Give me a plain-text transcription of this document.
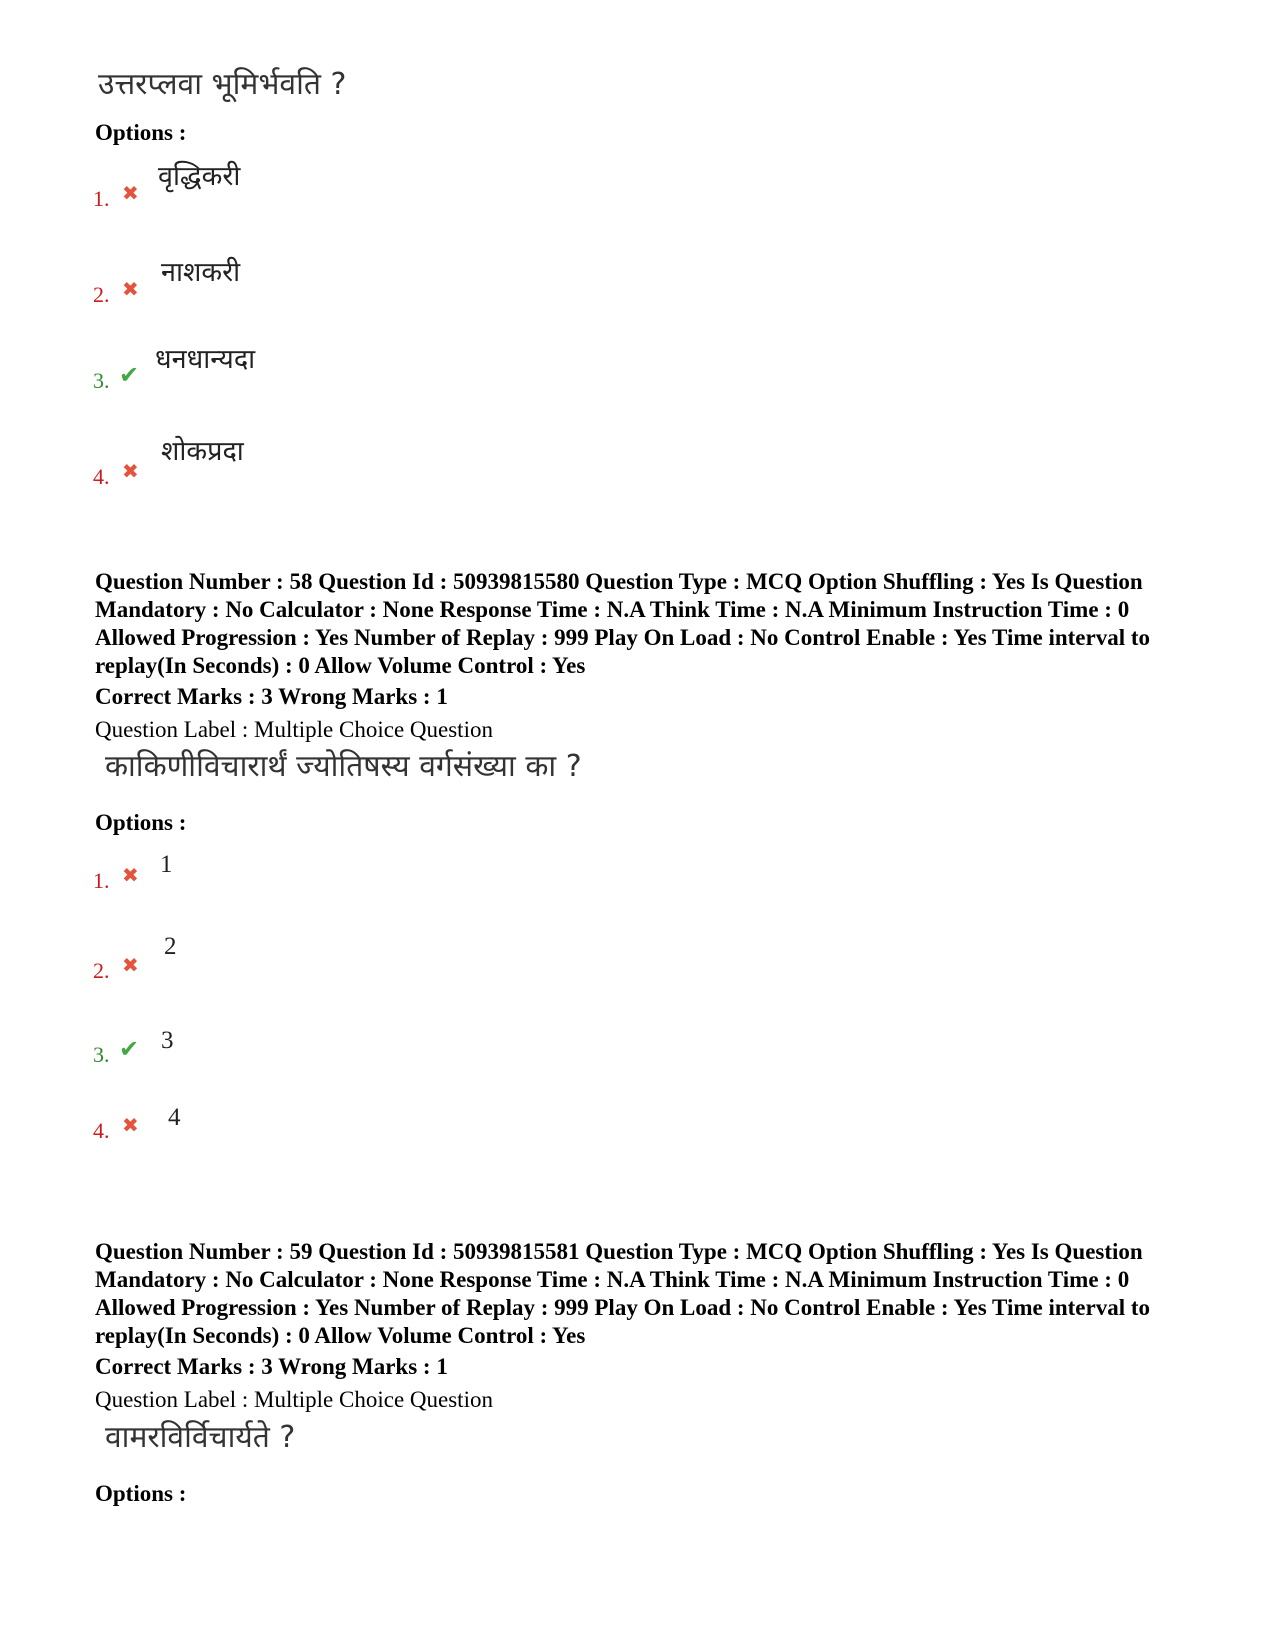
उत्तरप्लवा भूमिर्भवति ?
Options :
1. ✖
वृद्धिकरी
2. ✖
नाशकरी
3. ✔
धनधान्यदा
4. ✖
शोकप्रदा
Question Number : 58 Question Id : 50939815580 Question Type : MCQ Option Shuffling : Yes Is Question Mandatory : No Calculator : None Response Time : N.A Think Time : N.A Minimum Instruction Time : 0 Allowed Progression : Yes Number of Replay : 999 Play On Load : No Control Enable : Yes Time interval to replay(In Seconds) : 0 Allow Volume Control : Yes
Correct Marks : 3 Wrong Marks : 1
Question Label : Multiple Choice Question
काकिणीविचारार्थं ज्योतिषस्य वर्गसंख्या का ?
Options :
1. ✖ 1
2. ✖
2
3. ✔ 3
4. ✖ 4
Question Number : 59 Question Id : 50939815581 Question Type : MCQ Option Shuffling : Yes Is Question Mandatory : No Calculator : None Response Time : N.A Think Time : N.A Minimum Instruction Time : 0 Allowed Progression : Yes Number of Replay : 999 Play On Load : No Control Enable : Yes Time interval to replay(In Seconds) : 0 Allow Volume Control : Yes
Correct Marks : 3 Wrong Marks : 1
Question Label : Multiple Choice Question
वामरविर्विचार्यते ?
Options :
